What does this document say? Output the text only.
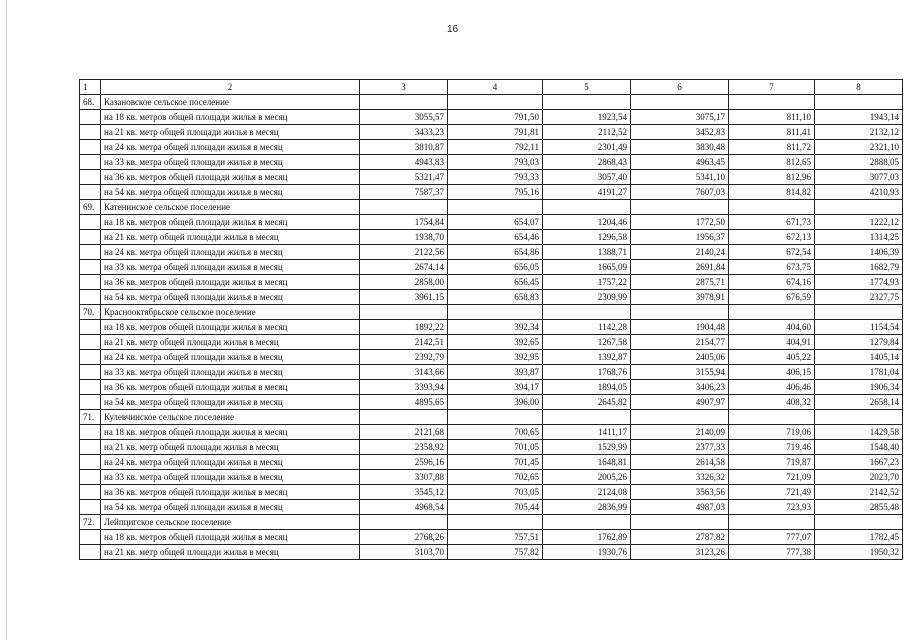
16
1	2	3	4	5	6	7	8
68.	Казановское сельское поселение						
	на 18 кв. метров общей площади жилья в месяц	3055,57	791,50	1923,54	3075,17	811,10	1943,14
	на 21 кв. метр общей площади жилья в месяц	3433,23	791,81	2112,52	3452,83	811,41	2132,12
	на 24 кв. метра общей площади жилья в месяц	3810,87	792,11	2301,49	3830,48	811,72	2321,10
	на 33 кв. метра общей площади жилья в месяц	4943,83	793,03	2868,43	4963,45	812,65	2888,05
	на 36 кв. метров общей площади жилья в месяц	5321,47	793,33	3057,40	5341,10	812,96	3077,03
	на 54 кв. метра общей площади жилья в месяц	7587,37	795,16	4191,27	7607,03	814,82	4210,93
69.	Катенинское сельское поселение						
	на 18 кв. метров общей площади жилья в месяц	1754,84	654,07	1204,46	1772,50	671,73	1222,12
	на 21 кв. метр общей площади жилья в месяц	1938,70	654,46	1296,58	1956,37	672,13	1314,25
	на 24 кв. метра общей площади жилья в месяц	2122,56	654,86	1388,71	2140,24	672,54	1406,39
	на 33 кв. метра общей площади жилья в месяц	2674,14	656,05	1665,09	2691,84	673,75	1682,79
	на 36 кв. метров общей площади жилья в месяц	2858,00	656,45	1757,22	2875,71	674,16	1774,93
	на 54 кв. метра общей площади жилья в месяц	3961,15	658,83	2309,99	3978,91	676,59	2327,75
70.	Краснооктябрьское сельское поселение						
	на 18 кв. метров общей площади жилья в месяц	1892,22	392,34	1142,28	1904,48	404,60	1154,54
	на 21 кв. метр общей площади жилья в месяц	2142,51	392,65	1267,58	2154,77	404,91	1279,84
	на 24 кв. метра общей площади жилья в месяц	2392,79	392,95	1392,87	2405,06	405,22	1405,14
	на 33 кв. метра общей площади жилья в месяц	3143,66	393,87	1768,76	3155,94	406,15	1781,04
	на 36 кв. метров общей площади жилья в месяц	3393,94	394,17	1894,05	3406,23	406,46	1906,34
	на 54 кв. метра общей площади жилья в месяц	4895,65	396,00	2645,82	4907,97	408,32	2658,14
71.	Кулевчинское сельское поселение						
	на 18 кв. метров общей площади жилья в месяц	2121,68	700,65	1411,17	2140,09	719,06	1429,58
	на 21 кв. метр общей площади жилья в месяц	2358,92	701,05	1529,99	2377,33	719,46	1548,40
	на 24 кв. метра общей площади жилья в месяц	2596,16	701,45	1648,81	2614,58	719,87	1667,23
	на 33 кв. метра общей площади жилья в месяц	3307,88	702,65	2005,26	3326,32	721,09	2023,70
	на 36 кв. метров общей площади жилья в месяц	3545,12	703,05	2124,08	3563,56	721,49	2142,52
	на 54 кв. метра общей площади жилья в месяц	4968,54	705,44	2836,99	4987,03	723,93	2855,48
72.	Лейпцигское сельское поселение						
	на 18 кв. метров общей площади жилья в месяц	2768,26	757,51	1762,89	2787,82	777,07	1782,45
	на 21 кв. метр общей площади жилья в месяц	3103,70	757,82	1930,76	3123,26	777,38	1950,32
